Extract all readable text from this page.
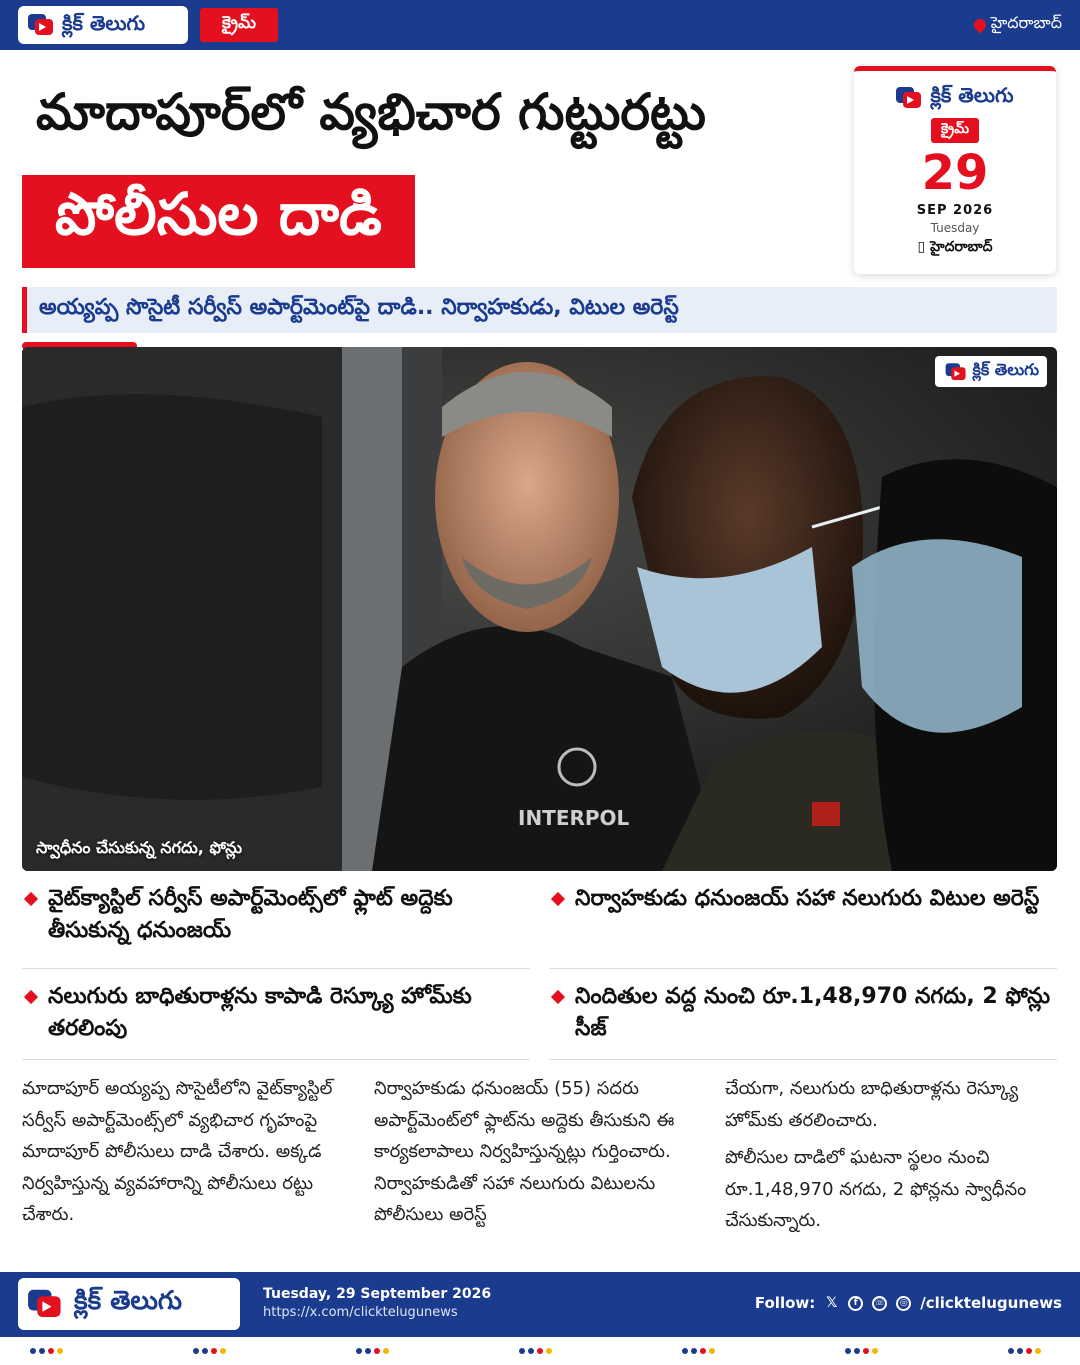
క్లిక్ తెలుగు	క్రైమ్	హైదరాబాద్
మాదాపూర్‌లో వ్యభిచార గుట్టురట్టు
పోలీసుల దాడి
క్లిక్ తెలుగు
క్రైమ్
29
SEP 2026
Tuesday
▯ హైదరాబాద్
అయ్యప్ప సొసైటీ సర్వీస్ అపార్ట్‌మెంట్‌పై దాడి.. నిర్వాహకుడు, విటుల అరెస్ట్
INTERPOL
క్లిక్ తెలుగు
స్వాధీనం చేసుకున్న నగదు, ఫోన్లు
వైట్‌క్యాస్టిల్ సర్వీస్ అపార్ట్‌మెంట్స్‌లో ఫ్లాట్ అద్దెకు తీసుకున్న ధనుంజయ్
నిర్వాహకుడు ధనుంజయ్ సహా నలుగురు విటుల అరెస్ట్
నలుగురు బాధితురాళ్లను కాపాడి రెస్క్యూ హోమ్‌కు తరలింపు
నిందితుల వద్ద నుంచి రూ.1,48,970 నగదు, 2 ఫోన్లు సీజ్

మాదాపూర్ అయ్యప్ప సొసైటీలోని వైట్‌క్యాస్టిల్ సర్వీస్ అపార్ట్‌మెంట్స్‌లో వ్యభిచార గృహంపై మాదాపూర్ పోలీసులు దాడి చేశారు. అక్కడ నిర్వహిస్తున్న వ్యవహారాన్ని పోలీసులు రట్టు చేశారు.

నిర్వాహకుడు ధనుంజయ్ (55) సదరు అపార్ట్‌మెంట్‌లో ఫ్లాట్‌ను అద్దెకు తీసుకుని ఈ కార్యకలాపాలు నిర్వహిస్తున్నట్లు గుర్తించారు. నిర్వాహకుడితో సహా నలుగురు విటులను పోలీసులు అరెస్ట్

చేయగా, నలుగురు బాధితురాళ్లను రెస్క్యూ హోమ్‌కు తరలించారు.

పోలీసుల దాడిలో ఘటనా స్థలం నుంచి రూ.1,48,970 నగదు, 2 ఫోన్లను స్వాధీనం చేసుకున్నారు.

క్లిక్ తెలుగు	Tuesday, 29 September 2026
https://x.com/clicktelugunews
Follow: 𝕏	f	☏	◎ /clicktelugunews
